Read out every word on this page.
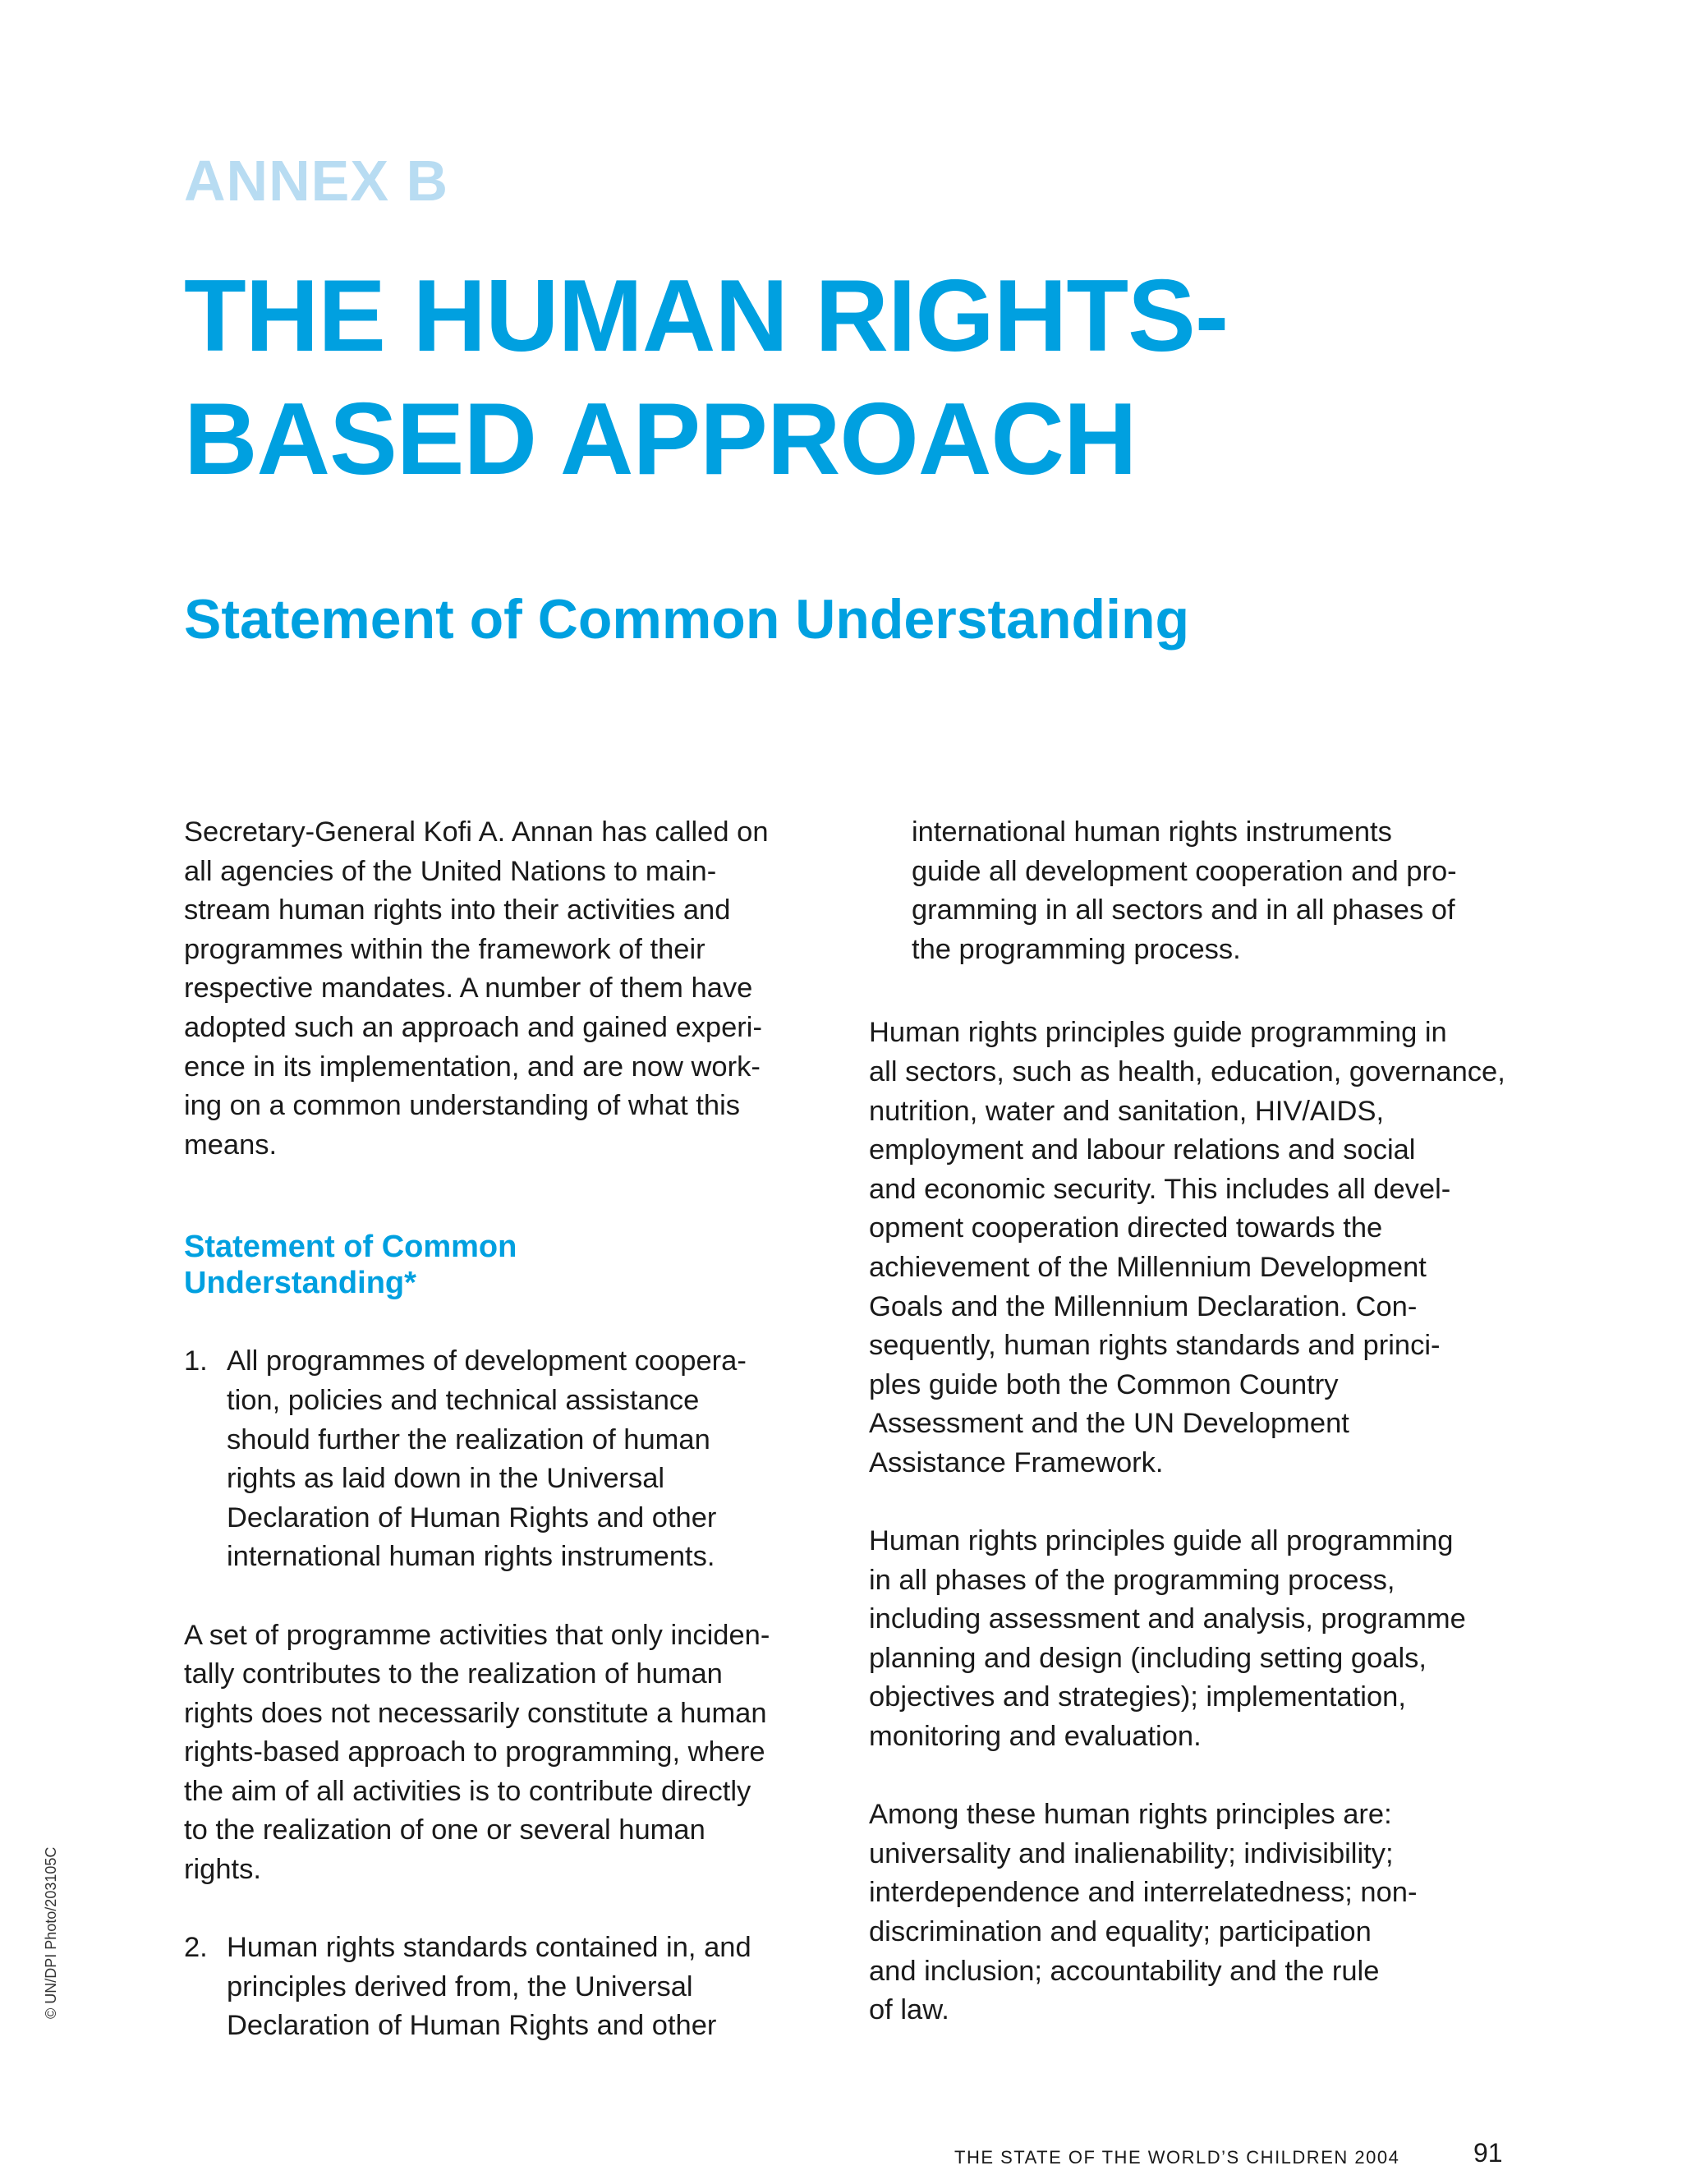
ANNEX B
THE HUMAN RIGHTS-
BASED APPROACH
Statement of Common Understanding

Secretary-General Kofi A. Annan has called on
all agencies of the United Nations to main-
stream human rights into their activities and
programmes within the framework of their
respective mandates. A number of them have
adopted such an approach and gained experi-
ence in its implementation, and are now work-
ing on a common understanding of what this
means.

Statement of Common
Understanding*

1. All programmes of development coopera-
tion, policies and technical assistance
should further the realization of human
rights as laid down in the Universal
Declaration of Human Rights and other
international human rights instruments.

A set of programme activities that only inciden-
tally contributes to the realization of human
rights does not necessarily constitute a human
rights-based approach to programming, where
the aim of all activities is to contribute directly
to the realization of one or several human
rights.

2. Human rights standards contained in, and
principles derived from, the Universal
Declaration of Human Rights and other

international human rights instruments
guide all development cooperation and pro-
gramming in all sectors and in all phases of
the programming process.

Human rights principles guide programming in
all sectors, such as health, education, governance,
nutrition, water and sanitation, HIV/AIDS,
employment and labour relations and social
and economic security. This includes all devel-
opment cooperation directed towards the
achievement of the Millennium Development
Goals and the Millennium Declaration. Con-
sequently, human rights standards and princi-
ples guide both the Common Country
Assessment and the UN Development
Assistance Framework.

Human rights principles guide all programming
in all phases of the programming process,
including assessment and analysis, programme
planning and design (including setting goals,
objectives and strategies); implementation,
monitoring and evaluation.

Among these human rights principles are:
universality and inalienability; indivisibility;
interdependence and interrelatedness; non-
discrimination and equality; participation
and inclusion; accountability and the rule
of law.

© UN/DPI Photo/203105C
THE STATE OF THE WORLD’S CHILDREN 2004	91
